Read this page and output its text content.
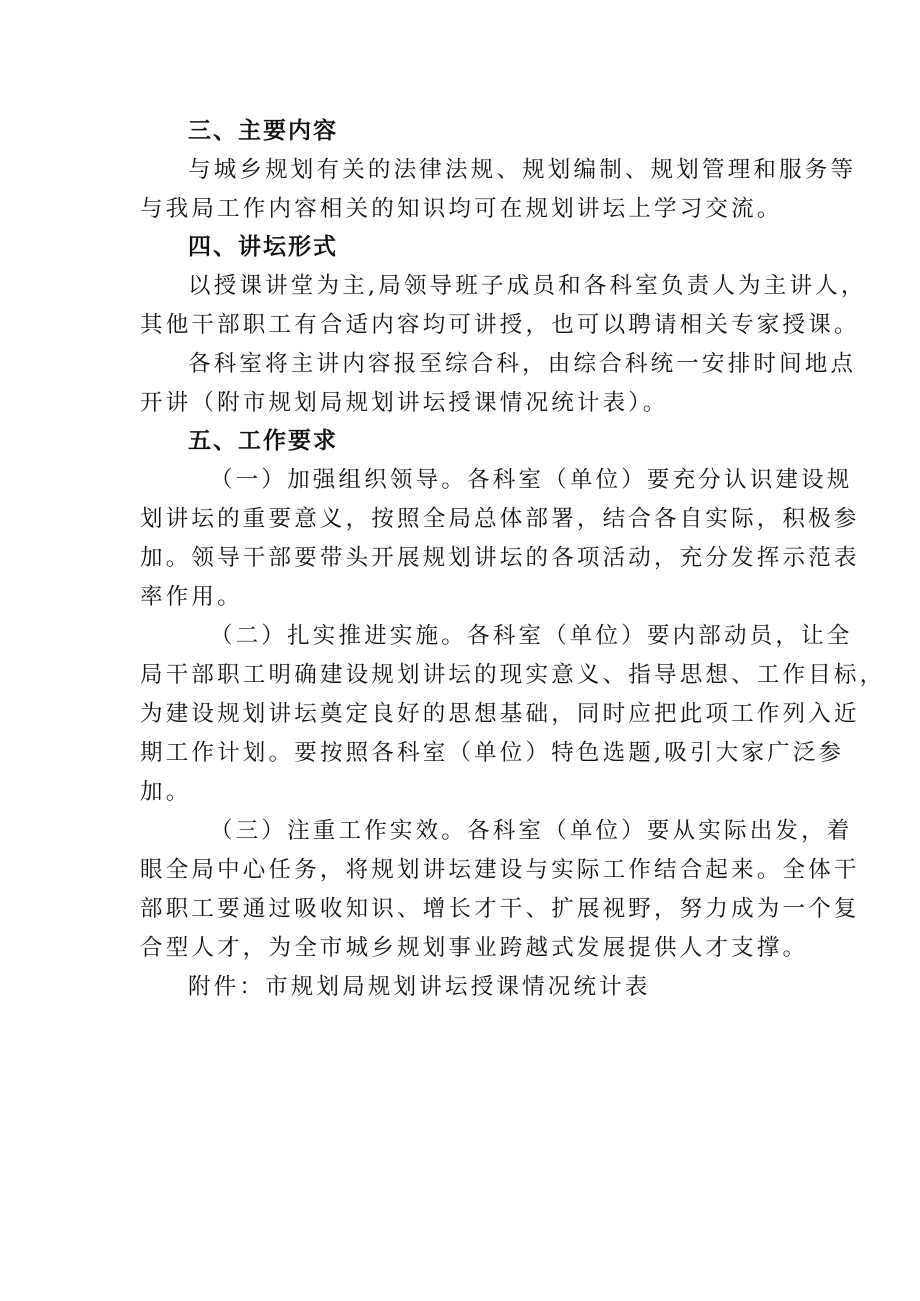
三、主要内容
与城乡规划有关的法律法规、规划编制、规划管理和服务等
与我局工作内容相关的知识均可在规划讲坛上学习交流。
四、讲坛形式
以授课讲堂为主,局领导班子成员和各科室负责人为主讲人，
其他干部职工有合适内容均可讲授，也可以聘请相关专家授课。
各科室将主讲内容报至综合科，由综合科统一安排时间地点
开讲（附市规划局规划讲坛授课情况统计表）。
五、工作要求
（一）加强组织领导。各科室（单位）要充分认识建设规
划讲坛的重要意义，按照全局总体部署，结合各自实际，积极参
加。领导干部要带头开展规划讲坛的各项活动，充分发挥示范表
率作用。
（二）扎实推进实施。各科室（单位）要内部动员，让全
局干部职工明确建设规划讲坛的现实意义、指导思想、工作目标，
为建设规划讲坛奠定良好的思想基础，同时应把此项工作列入近
期工作计划。要按照各科室（单位）特色选题,吸引大家广泛参
加。
（三）注重工作实效。各科室（单位）要从实际出发，着
眼全局中心任务，将规划讲坛建设与实际工作结合起来。全体干
部职工要通过吸收知识、增长才干、扩展视野，努力成为一个复
合型人才，为全市城乡规划事业跨越式发展提供人才支撑。
附件：市规划局规划讲坛授课情况统计表
